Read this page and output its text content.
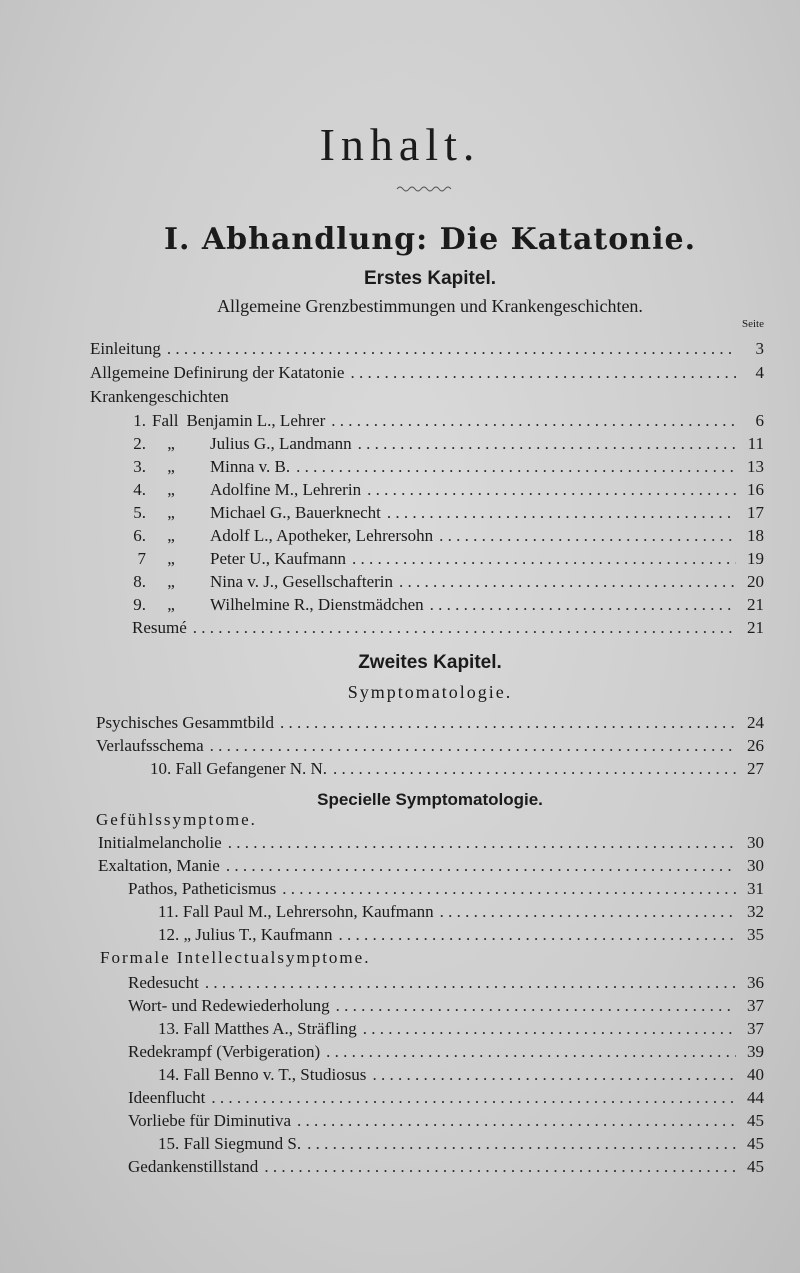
Inhalt.
I. Abhandlung: Die Katatonie.
Erstes Kapitel.
Allgemeine Grenzbestimmungen und Krankengeschichten.
Seite
Einleitung . . .	3
Allgemeine Definirung der Katatonie . . .	4
Krankengeschichten
1. Fall Benjamin L., Lehrer . . .	6
2.	„	Julius G., Landmann . . .	11
3.	„	Minna v. B. . . .	13
4.	„	Adolfine M., Lehrerin . . .	16
5.	„	Michael G., Bauerknecht . . .	17
6.	„	Adolf L., Apotheker, Lehrersohn . . .	18
7	„	Peter U., Kaufmann . . .	19
8.	„	Nina v. J., Gesellschafterin . . .	20
9.	„	Wilhelmine R., Dienstmädchen . . .	21
Resumé . . .	21
Zweites Kapitel.
Symptomatologie.
Psychisches Gesammtbild . . .	24
Verlaufsschema . . .	26
10. Fall Gefangener N. N. . . .	27
Specielle Symptomatologie.
Gefühlssymptome.
Initialmelancholie . . .	30
Exaltation, Manie . . .	30
Pathos, Patheticismus . . .	31
11. Fall Paul M., Lehrersohn, Kaufmann . . .	32
12. „ Julius T., Kaufmann . . .	35
Formale Intellectualsymptome.
Redesucht . . .	36
Wort- und Redewiederholung . . .	37
13. Fall Matthes A., Sträfling . . .	37
Redekrampf (Verbigeration) . . .	39
14. Fall Benno v. T., Studiosus . . .	40
Ideenflucht . . .	44
Vorliebe für Diminutiva . . .	45
15. Fall Siegmund S. . . .	45
Gedankenstillstand . . .	45
